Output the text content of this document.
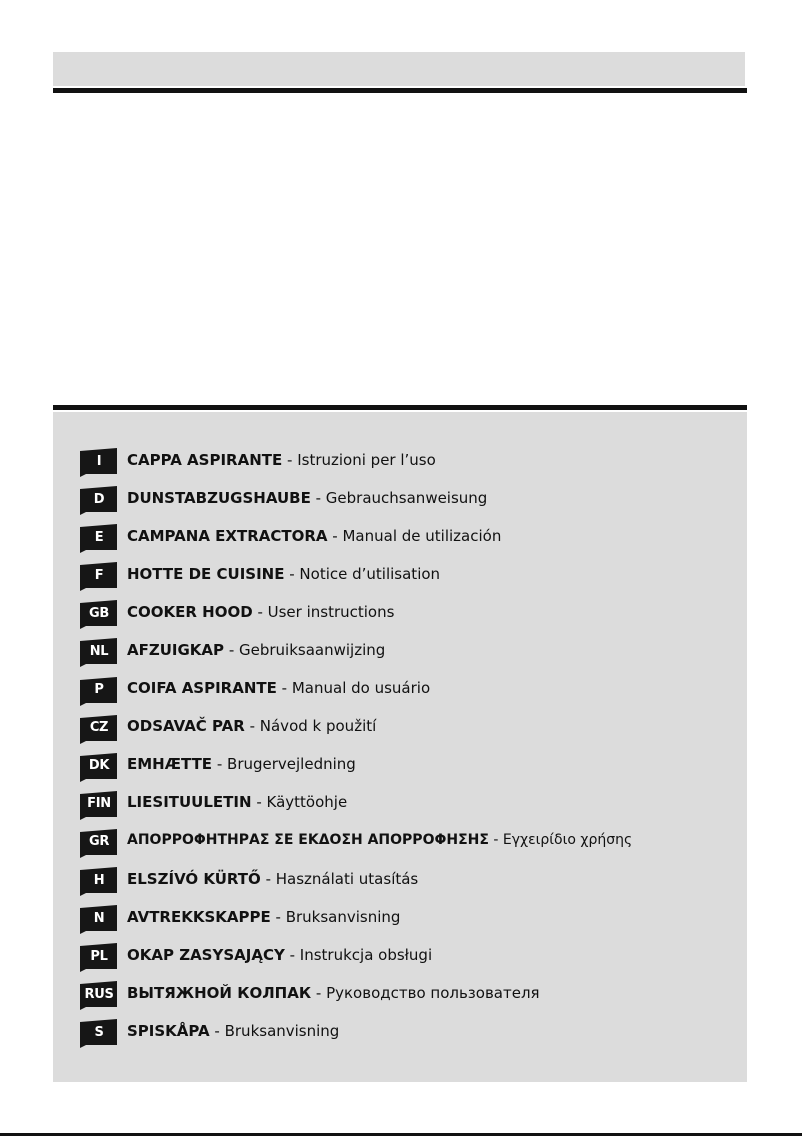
I	CAPPA ASPIRANTE - Istruzioni per l’uso
D	DUNSTABZUGSHAUBE - Gebrauchsanweisung
E	CAMPANA EXTRACTORA - Manual de utilización
F	HOTTE DE CUISINE - Notice d’utilisation
GB	COOKER HOOD - User instructions
NL	AFZUIGKAP - Gebruiksaanwijzing
P	COIFA ASPIRANTE - Manual do usuário
CZ	ODSAVAČ PAR - Návod k použití
DK	EMHÆTTE - Brugervejledning
FIN	LIESITUULETIN - Käyttöohje
GR	ΑΠΟΡΡΟΦΗΤΗΡΑΣ ΣΕ ΕΚΔΟΣΗ ΑΠΟΡΡΟΦΗΣΗΣ - Εγχειρίδιο χρήσης
H	ELSZÍVÓ KÜRTŐ - Használati utasítás
N	AVTREKKSKAPPE - Bruksanvisning
PL	OKAP ZASYSAJĄCY - Instrukcja obsługi
RUS ВЫТЯЖНОЙ КОЛПАК - Руководство пользователя
S	SPISKÅPA - Bruksanvisning
